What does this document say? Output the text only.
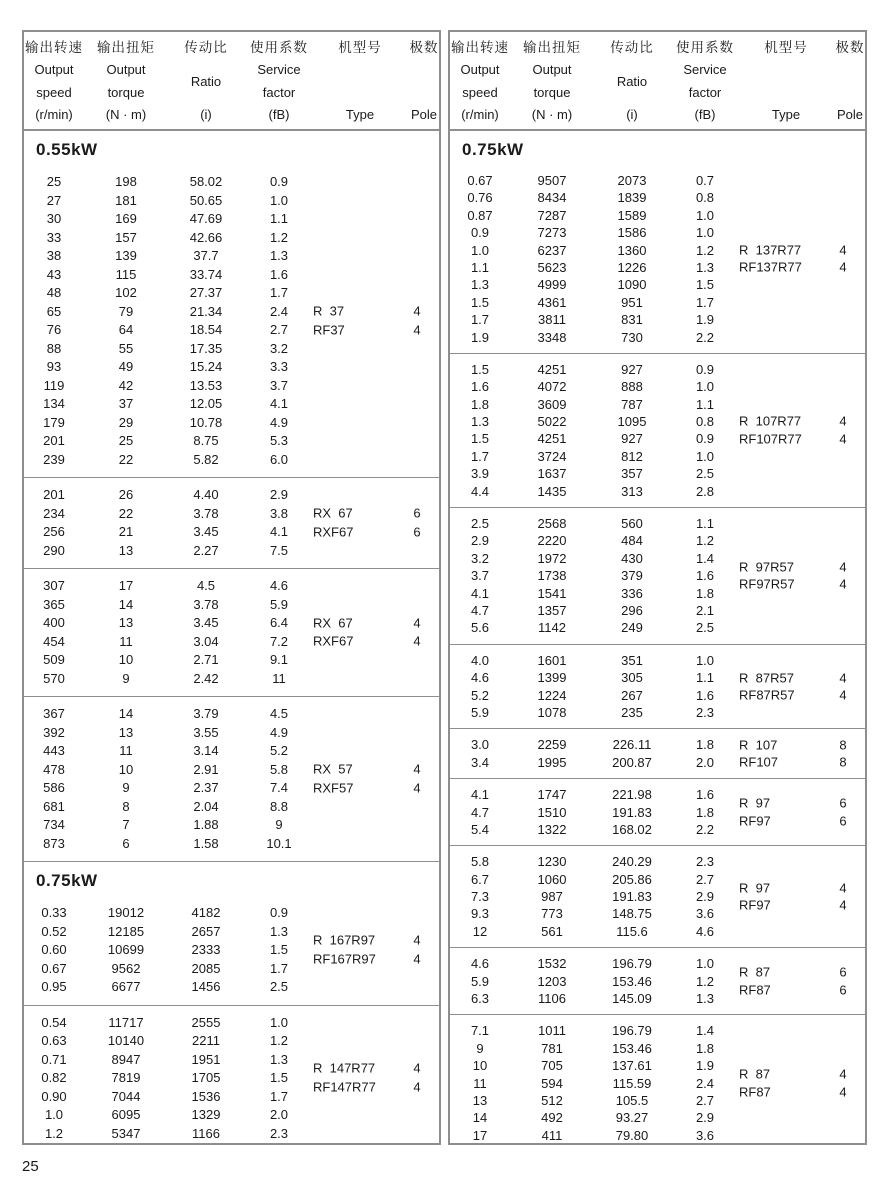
输出转速
Output
speed
(r/min)
输出扭矩
Output
torque
(N · m)
传动比
Ratio
(i)
使用系数
Service
factor
(fB)
机型号
Type
极数
Pole
0.55kW
25	198	58.02	0.9
27	181	50.65	1.0
30	169	47.69	1.1
33	157	42.66	1.2
38	139	37.7	1.3
43	115	33.74	1.6
48	102	27.37	1.7
65	79	21.34	2.4
76	64	18.54	2.7
88	55	17.35	3.2
93	49	15.24	3.3
119	42	13.53	3.7
134	37	12.05	4.1
179	29	10.78	4.9
201	25	8.75	5.3
239	22	5.82	6.0
R  37	4
RF37	4
201	26	4.40	2.9
234	22	3.78	3.8
256	21	3.45	4.1
290	13	2.27	7.5
RX  67	6
RXF67	6
307	17	4.5	4.6
365	14	3.78	5.9
400	13	3.45	6.4
454	11	3.04	7.2
509	10	2.71	9.1
570	9	2.42	11
RX  67	4
RXF67	4
367	14	3.79	4.5
392	13	3.55	4.9
443	11	3.14	5.2
478	10	2.91	5.8
586	9	2.37	7.4
681	8	2.04	8.8
734	7	1.88	9
873	6	1.58	10.1
RX  57	4
RXF57	4
0.75kW
0.33	19012	4182	0.9
0.52	12185	2657	1.3
0.60	10699	2333	1.5
0.67	9562	2085	1.7
0.95	6677	1456	2.5
R  167R97	4
RF167R97	4
0.54	11717	2555	1.0
0.63	10140	2211	1.2
0.71	8947	1951	1.3
0.82	7819	1705	1.5
0.90	7044	1536	1.7
1.0	6095	1329	2.0
1.2	5347	1166	2.3
R  147R77	4
RF147R77	4
输出转速
Output
speed
(r/min)
输出扭矩
Output
torque
(N · m)
传动比
Ratio
(i)
使用系数
Service
factor
(fB)
机型号
Type
极数
Pole
0.75kW
0.67	9507	2073	0.7
0.76	8434	1839	0.8
0.87	7287	1589	1.0
0.9	7273	1586	1.0
1.0	6237	1360	1.2
1.1	5623	1226	1.3
1.3	4999	1090	1.5
1.5	4361	951	1.7
1.7	3811	831	1.9
1.9	3348	730	2.2
R  137R77	4
RF137R77	4
1.5	4251	927	0.9
1.6	4072	888	1.0
1.8	3609	787	1.1
1.3	5022	1095	0.8
1.5	4251	927	0.9
1.7	3724	812	1.0
3.9	1637	357	2.5
4.4	1435	313	2.8
R  107R77	4
RF107R77	4
2.5	2568	560	1.1
2.9	2220	484	1.2
3.2	1972	430	1.4
3.7	1738	379	1.6
4.1	1541	336	1.8
4.7	1357	296	2.1
5.6	1142	249	2.5
R  97R57	4
RF97R57	4
4.0	1601	351	1.0
4.6	1399	305	1.1
5.2	1224	267	1.6
5.9	1078	235	2.3
R  87R57	4
RF87R57	4
3.0	2259	226.11	1.8
3.4	1995	200.87	2.0
R  107	8
RF107	8
4.1	1747	221.98	1.6
4.7	1510	191.83	1.8
5.4	1322	168.02	2.2
R  97	6
RF97	6
5.8	1230	240.29	2.3
6.7	1060	205.86	2.7
7.3	987	191.83	2.9
9.3	773	148.75	3.6
12	561	115.6	4.6
R  97	4
RF97	4
4.6	1532	196.79	1.0
5.9	1203	153.46	1.2
6.3	1106	145.09	1.3
R  87	6
RF87	6
7.1	1011	196.79	1.4
9	781	153.46	1.8
10	705	137.61	1.9
11	594	115.59	2.4
13	512	105.5	2.7
14	492	93.27	2.9
17	411	79.80	3.6
R  87	4
RF87	4
25
